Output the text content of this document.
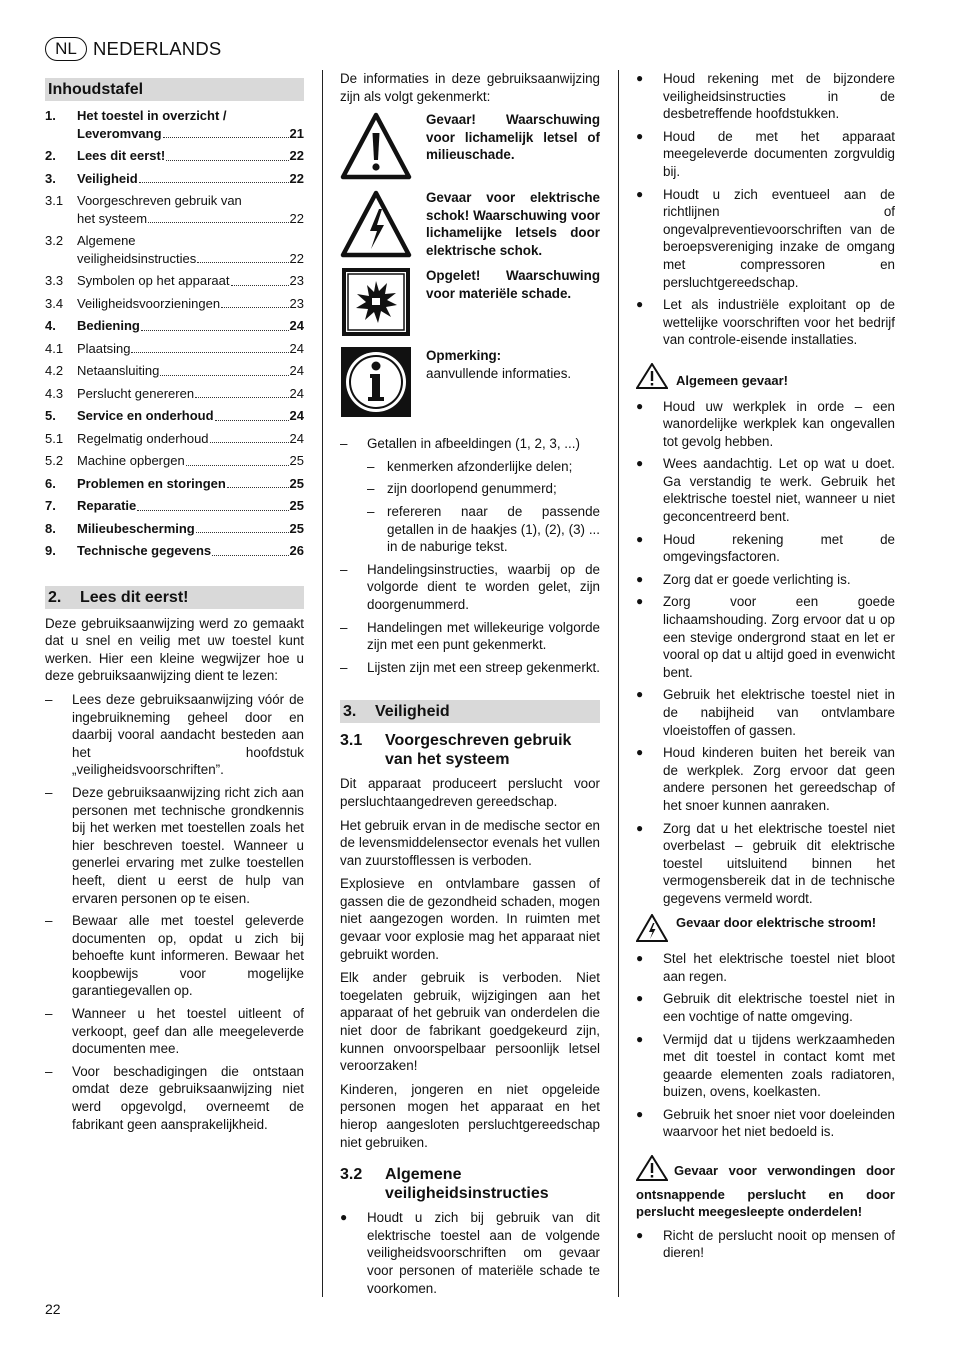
NL NEDERLANDS
Inhoudstafel
1.	Het toestel in overzicht /
Leveromvang	21
2.	Lees dit eerst!	22
3.	Veiligheid	22
3.1	Voorgeschreven gebruik van
het systeem	22
3.2	Algemene
veiligheidsinstructies	22
3.3	Symbolen op het apparaat	23
3.4	Veiligheidsvoorzieningen	23
4.	Bediening	24
4.1	Plaatsing	24
4.2	Netaansluiting	24
4.3	Perslucht genereren	24
5.	Service en onderhoud	24
5.1	Regelmatig onderhoud	24
5.2	Machine opbergen	25
6.	Problemen en storingen	25
7.	Reparatie	25
8.	Milieubescherming	25
9.	Technische gegevens	26
2. Lees dit eerst!

Deze gebruiksaanwijzing werd zo gemaakt dat u snel en veilig met uw toestel kunt werken. Hier een kleine wegwijzer hoe u deze gebruiksaanwijzing dient te lezen:

–	Lees deze gebruiksaanwijzing vóór de ingebruikneming geheel door en daarbij vooral aandacht besteden aan het hoofdstuk „veiligheidsvoorschriften”.
–	Deze gebruiksaanwijzing richt zich aan personen met technische grondkennis bij het werken met toestellen zoals het hier beschreven toestel. Wanneer u generlei ervaring met zulke toestellen heeft, dient u eerst de hulp van ervaren personen op te eisen.
–	Bewaar alle met toestel geleverde documenten op, opdat u zich bij behoefte kunt informeren. Bewaar het koopbewijs voor mogelijke garantiegevallen op.
–	Wanneer u het toestel uitleent of verkoopt, geef dan alle meegeleverde documenten mee.
–	Voor beschadigingen die ontstaan omdat deze gebruiksaanwijzing niet werd opgevolgd, overneemt de fabrikant geen aansprakelijkheid.

De informaties in deze gebruiksaanwijzing zijn als volgt gekenmerkt:

Gevaar! Waarschuwing voor lichamelijk letsel of milieuschade.
Gevaar voor elektrische schok! Waarschuwing voor lichamelijke letsels door elektrische schok.
Opgelet! Waarschuwing voor materiële schade.
Opmerking:
aanvullende informaties.
–	Getallen in afbeeldingen (1, 2, 3, ...)
– kenmerken afzonderlijke delen;
– zijn doorlopend genummerd;
– refereren naar de passende getallen in de haakjes (1), (2), (3) ... in de naburige tekst.
–	Handelingsinstructies, waarbij op de volgorde dient te worden gelet, zijn doorgenummerd.
–	Handelingen met willekeurige volgorde zijn met een punt gekenmerkt.
–	Lijsten zijn met een streep gekenmerkt.
3. Veiligheid
3.1	Voorgeschreven gebruik van het systeem

Dit apparaat produceert perslucht voor persluchtaangedreven gereedschap.

Het gebruik ervan in de medische sector en de levensmiddelensector evenals het vullen van zuurstofflessen is verboden.

Explosieve en ontvlambare gassen of gassen die de gezondheid schaden, mogen niet aangezogen worden. In ruimten met gevaar voor explosie mag het apparaat niet gebruikt worden.

Elk ander gebruik is verboden. Niet toegelaten gebruik, wijzigingen aan het apparaat of het gebruik van onderdelen die niet door de fabrikant goedgekeurd zijn, kunnen onvoorspelbaar persoonlijk letsel veroorzaken!

Kinderen, jongeren en niet opgeleide personen mogen het apparaat en het hierop aangesloten persluchtgereedschap niet gebruiken.

3.2	Algemene veiligheidsinstructies
●	Houdt u zich bij gebruik van dit elektrische toestel aan de volgende veiligheidsvoorschriften om gevaar voor personen of materiële schade te voorkomen.
●	Houd rekening met de bijzondere veiligheidsinstructies in de desbetreffende hoofdstukken.
●	Houd de met het apparaat meegeleverde documenten zorgvuldig bij.
●	Houdt u zich eventueel aan de richtlijnen of ongevalpreventievoorschriften van de beroepsvereniging inzake de omgang met compressoren en persluchtgereedschap.
●	Let als industriële exploitant op de wettelijke voorschriften voor het bedrijf van controle-eisende installaties.
Algemeen gevaar!
●	Houd uw werkplek in orde – een wanordelijke werkplek kan ongevallen tot gevolg hebben.
●	Wees aandachtig. Let op wat u doet. Ga verstandig te werk. Gebruik het elektrische toestel niet, wanneer u niet geconcentreerd bent.
●	Houd rekening met de omgevingsfactoren.
●	Zorg dat er goede verlichting is.
●	Zorg voor een goede lichaamshouding. Zorg ervoor dat u op een stevige ondergrond staat en let er vooral op dat u altijd goed in evenwicht bent.
●	Gebruik het elektrische toestel niet in de nabijheid van ontvlambare vloeistoffen of gassen.
●	Houd kinderen buiten het bereik van de werkplek. Zorg ervoor dat geen andere personen het gereedschap of het snoer kunnen aanraken.
●	Zorg dat u het elektrische toestel niet overbelast – gebruik dit elektrische toestel uitsluitend binnen het vermogensbereik dat in de technische gegevens vermeld wordt.
Gevaar door elektrische stroom!
●	Stel het elektrische toestel niet bloot aan regen.
●	Gebruik dit elektrische toestel niet in een vochtige of natte omgeving.
●	Vermijd dat u tijdens werkzaamheden met dit toestel in contact komt met geaarde elementen zoals radiatoren, buizen, ovens, koelkasten.
●	Gebruik het snoer niet voor doeleinden waarvoor het niet bedoeld is.
Gevaar voor verwondingen door ontsnappende perslucht en door perslucht meegesleepte onderdelen!
●	Richt de perslucht nooit op mensen of dieren!
22
